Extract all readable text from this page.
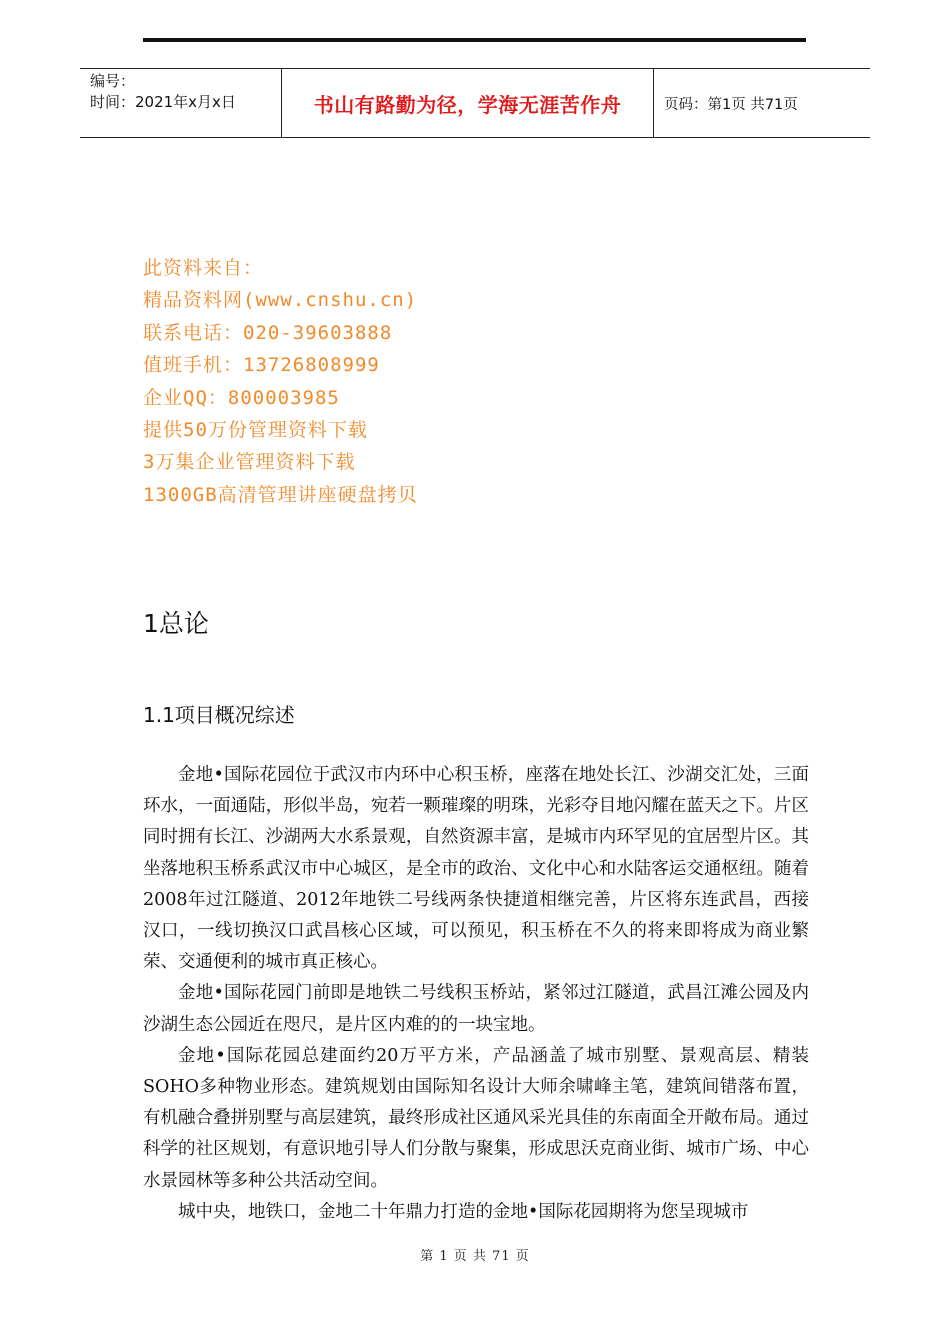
编号：
时间：2021年x月x日	书山有路勤为径，学海无涯苦作舟	页码：第1页 共71页
此资料来自：
精品资料网(www.cnshu.cn)
联系电话：020-39603888
值班手机：13726808999
企业QQ：800003985
提供50万份管理资料下载
3万集企业管理资料下载
1300GB高清管理讲座硬盘拷贝
1总论
1.1项目概况综述

金地•国际花园位于武汉市内环中心积玉桥，座落在地处长江、沙湖交汇处，三面环水，一面通陆，形似半岛，宛若一颗璀璨的明珠，光彩夺目地闪耀在蓝天之下。片区同时拥有长江、沙湖两大水系景观，自然资源丰富，是城市内环罕见的宜居型片区。其坐落地积玉桥系武汉市中心城区，是全市的政治、文化中心和水陆客运交通枢纽。随着2008年过江隧道、2012年地铁二号线两条快捷道相继完善，片区将东连武昌，西接汉口，一线切换汉口武昌核心区域，可以预见，积玉桥在不久的将来即将成为商业繁荣、交通便利的城市真正核心。

金地•国际花园门前即是地铁二号线积玉桥站，紧邻过江隧道，武昌江滩公园及内沙湖生态公园近在咫尺，是片区内难的的一块宝地。

金地•国际花园总建面约20万平方米，产品涵盖了城市别墅、景观高层、精装SOHO多种物业形态。建筑规划由国际知名设计大师余啸峰主笔，建筑间错落布置，有机融合叠拼别墅与高层建筑，最终形成社区通风采光具佳的东南面全开敞布局。通过科学的社区规划，有意识地引导人们分散与聚集，形成思沃克商业街、城市广场、中心水景园林等多种公共活动空间。

城中央，地铁口，金地二十年鼎力打造的金地•国际花园期将为您呈现城市

第 1 页 共 71 页
